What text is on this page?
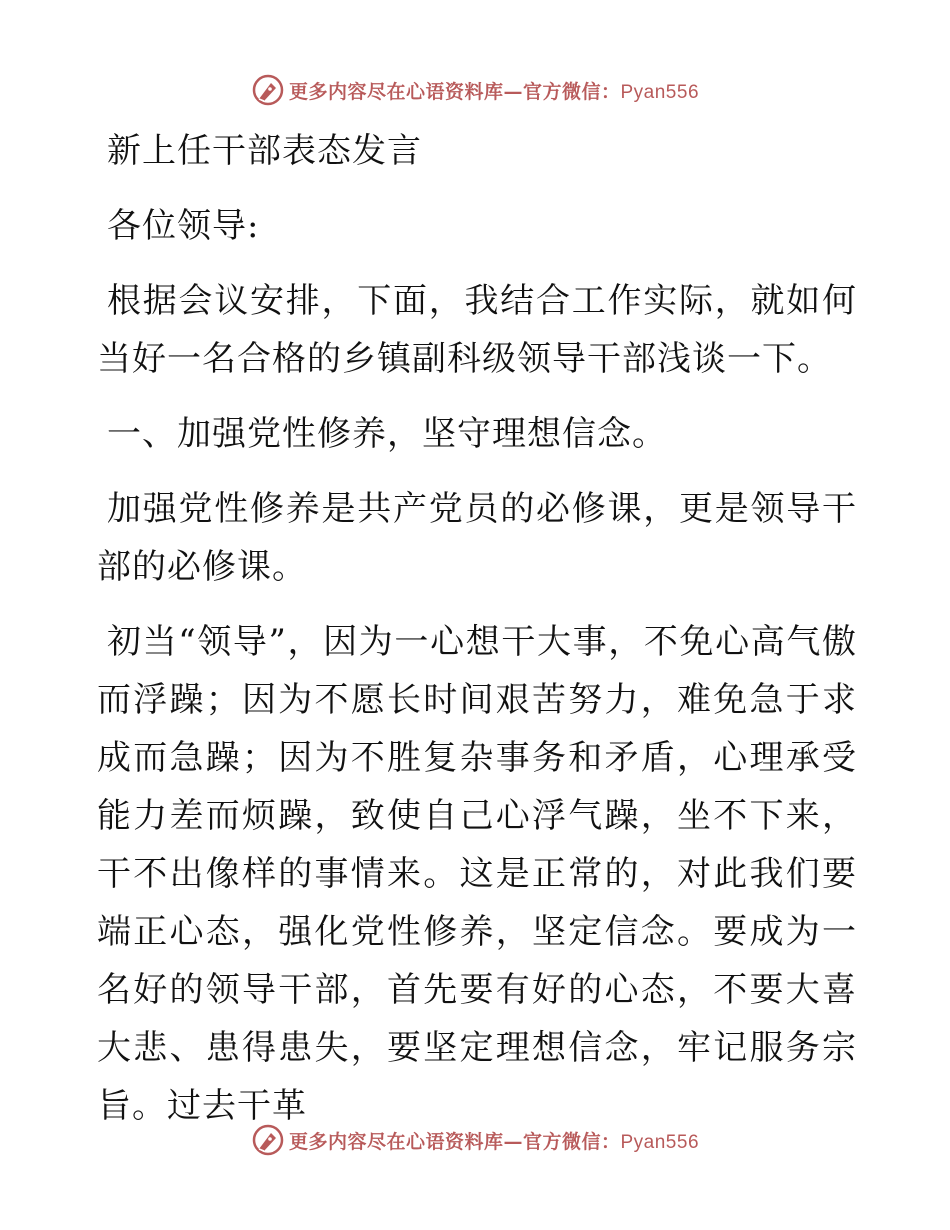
更多内容尽在心语资料库—官方微信：Pyan556

新上任干部表态发言

各位领导:

根据会议安排，下面，我结合工作实际，就如何当好一名合格的乡镇副科级领导干部浅谈一下。

一、加强党性修养，坚守理想信念。

加强党性修养是共产党员的必修课，更是领导干部的必修课。

初当“领导”，因为一心想干大事，不免心高气傲而浮躁；因为不愿长时间艰苦努力，难免急于求成而急躁；因为不胜复杂事务和矛盾，心理承受能力差而烦躁，致使自己心浮气躁，坐不下来，干不出像样的事情来。这是正常的，对此我们要端正心态，强化党性修养，坚定信念。要成为一名好的领导干部，首先要有好的心态，不要大喜大悲、患得患失，要坚定理想信念，牢记服务宗旨。过去干革

更多内容尽在心语资料库—官方微信：Pyan556
